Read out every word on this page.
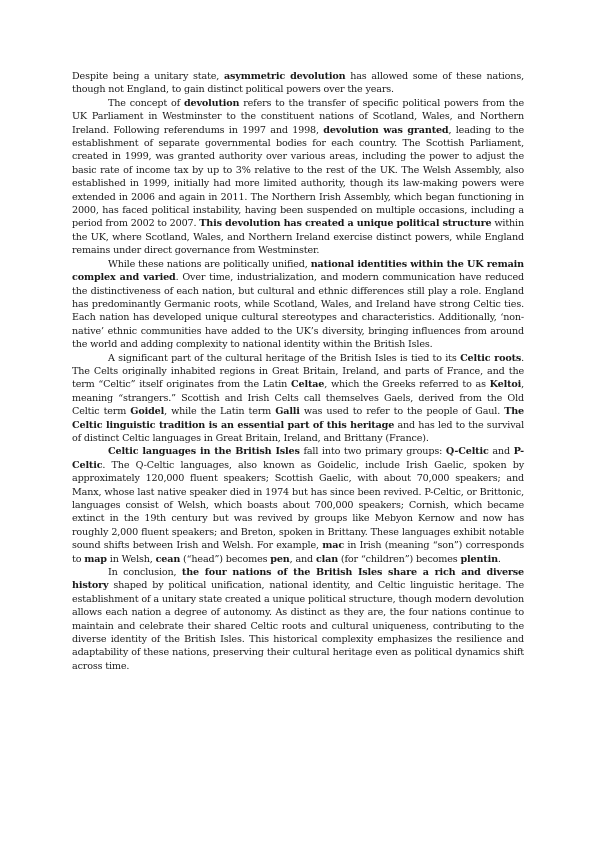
Despite being a unitary state, asymmetric devolution has allowed some of these nations, though not England, to gain distinct political powers over the years.

The concept of devolution refers to the transfer of specific political powers from the UK Parliament in Westminster to the constituent nations of Scotland, Wales, and Northern Ireland. Following referendums in 1997 and 1998, devolution was granted, leading to the establishment of separate governmental bodies for each country. The Scottish Parliament, created in 1999, was granted authority over various areas, including the power to adjust the basic rate of income tax by up to 3% relative to the rest of the UK. The Welsh Assembly, also established in 1999, initially had more limited authority, though its law-making powers were extended in 2006 and again in 2011. The Northern Irish Assembly, which began functioning in 2000, has faced political instability, having been suspended on multiple occasions, including a period from 2002 to 2007. This devolution has created a unique political structure within the UK, where Scotland, Wales, and Northern Ireland exercise distinct powers, while England remains under direct governance from Westminster.

While these nations are politically unified, national identities within the UK remain complex and varied. Over time, industrialization, and modern communication have reduced the distinctiveness of each nation, but cultural and ethnic differences still play a role. England has predominantly Germanic roots, while Scotland, Wales, and Ireland have strong Celtic ties. Each nation has developed unique cultural stereotypes and characteristics. Additionally, ‘non-native’ ethnic communities have added to the UK’s diversity, bringing influences from around the world and adding complexity to national identity within the British Isles.

A significant part of the cultural heritage of the British Isles is tied to its Celtic roots. The Celts originally inhabited regions in Great Britain, Ireland, and parts of France, and the term “Celtic” itself originates from the Latin Celtae, which the Greeks referred to as Keltoi, meaning “strangers.” Scottish and Irish Celts call themselves Gaels, derived from the Old Celtic term Goidel, while the Latin term Galli was used to refer to the people of Gaul. The Celtic linguistic tradition is an essential part of this heritage and has led to the survival of distinct Celtic languages in Great Britain, Ireland, and Brittany (France).

Celtic languages in the British Isles fall into two primary groups: Q-Celtic and P-Celtic. The Q-Celtic languages, also known as Goidelic, include Irish Gaelic, spoken by approximately 120,000 fluent speakers; Scottish Gaelic, with about 70,000 speakers; and Manx, whose last native speaker died in 1974 but has since been revived. P-Celtic, or Brittonic, languages consist of Welsh, which boasts about 700,000 speakers; Cornish, which became extinct in the 19th century but was revived by groups like Mebyon Kernow and now has roughly 2,000 fluent speakers; and Breton, spoken in Brittany. These languages exhibit notable sound shifts between Irish and Welsh. For example, mac in Irish (meaning “son”) corresponds to map in Welsh, cean (“head”) becomes pen, and clan (for “children”) becomes plentin.

In conclusion, the four nations of the British Isles share a rich and diverse history shaped by political unification, national identity, and Celtic linguistic heritage. The establishment of a unitary state created a unique political structure, though modern devolution allows each nation a degree of autonomy. As distinct as they are, the four nations continue to maintain and celebrate their shared Celtic roots and cultural uniqueness, contributing to the diverse identity of the British Isles. This historical complexity emphasizes the resilience and adaptability of these nations, preserving their cultural heritage even as political dynamics shift across time.
